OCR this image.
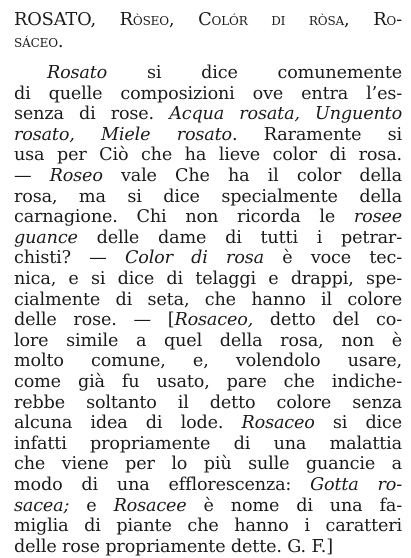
ROSATO, Ròseo, Colór di ròsa, Ro-
sáceo.
Rosato si dice comunemente
di quelle composizioni ove entra l’es-
senza di rose. Acqua rosata, Unguento
rosato, Miele rosato. Raramente si
usa per Ciò che ha lieve color di rosa.
— Roseo vale Che ha il color della
rosa, ma si dice specialmente della
carnagione. Chi non ricorda le rosee
guance delle dame di tutti i petrar-
chisti? — Color di rosa è voce tec-
nica, e si dice di telaggi e drappi, spe-
cialmente di seta, che hanno il colore
delle rose. — [Rosaceo, detto del co-
lore simile a quel della rosa, non è
molto comune, e, volendolo usare,
come già fu usato, pare che indiche-
rebbe soltanto il detto colore senza
alcuna idea di lode. Rosaceo si dice
infatti propriamente di una malattia
che viene per lo più sulle guancie a
modo di una efflorescenza: Gotta ro-
sacea; e Rosacee è nome di una fa-
miglia di piante che hanno i caratteri
delle rose propriamente dette. G. F.]
